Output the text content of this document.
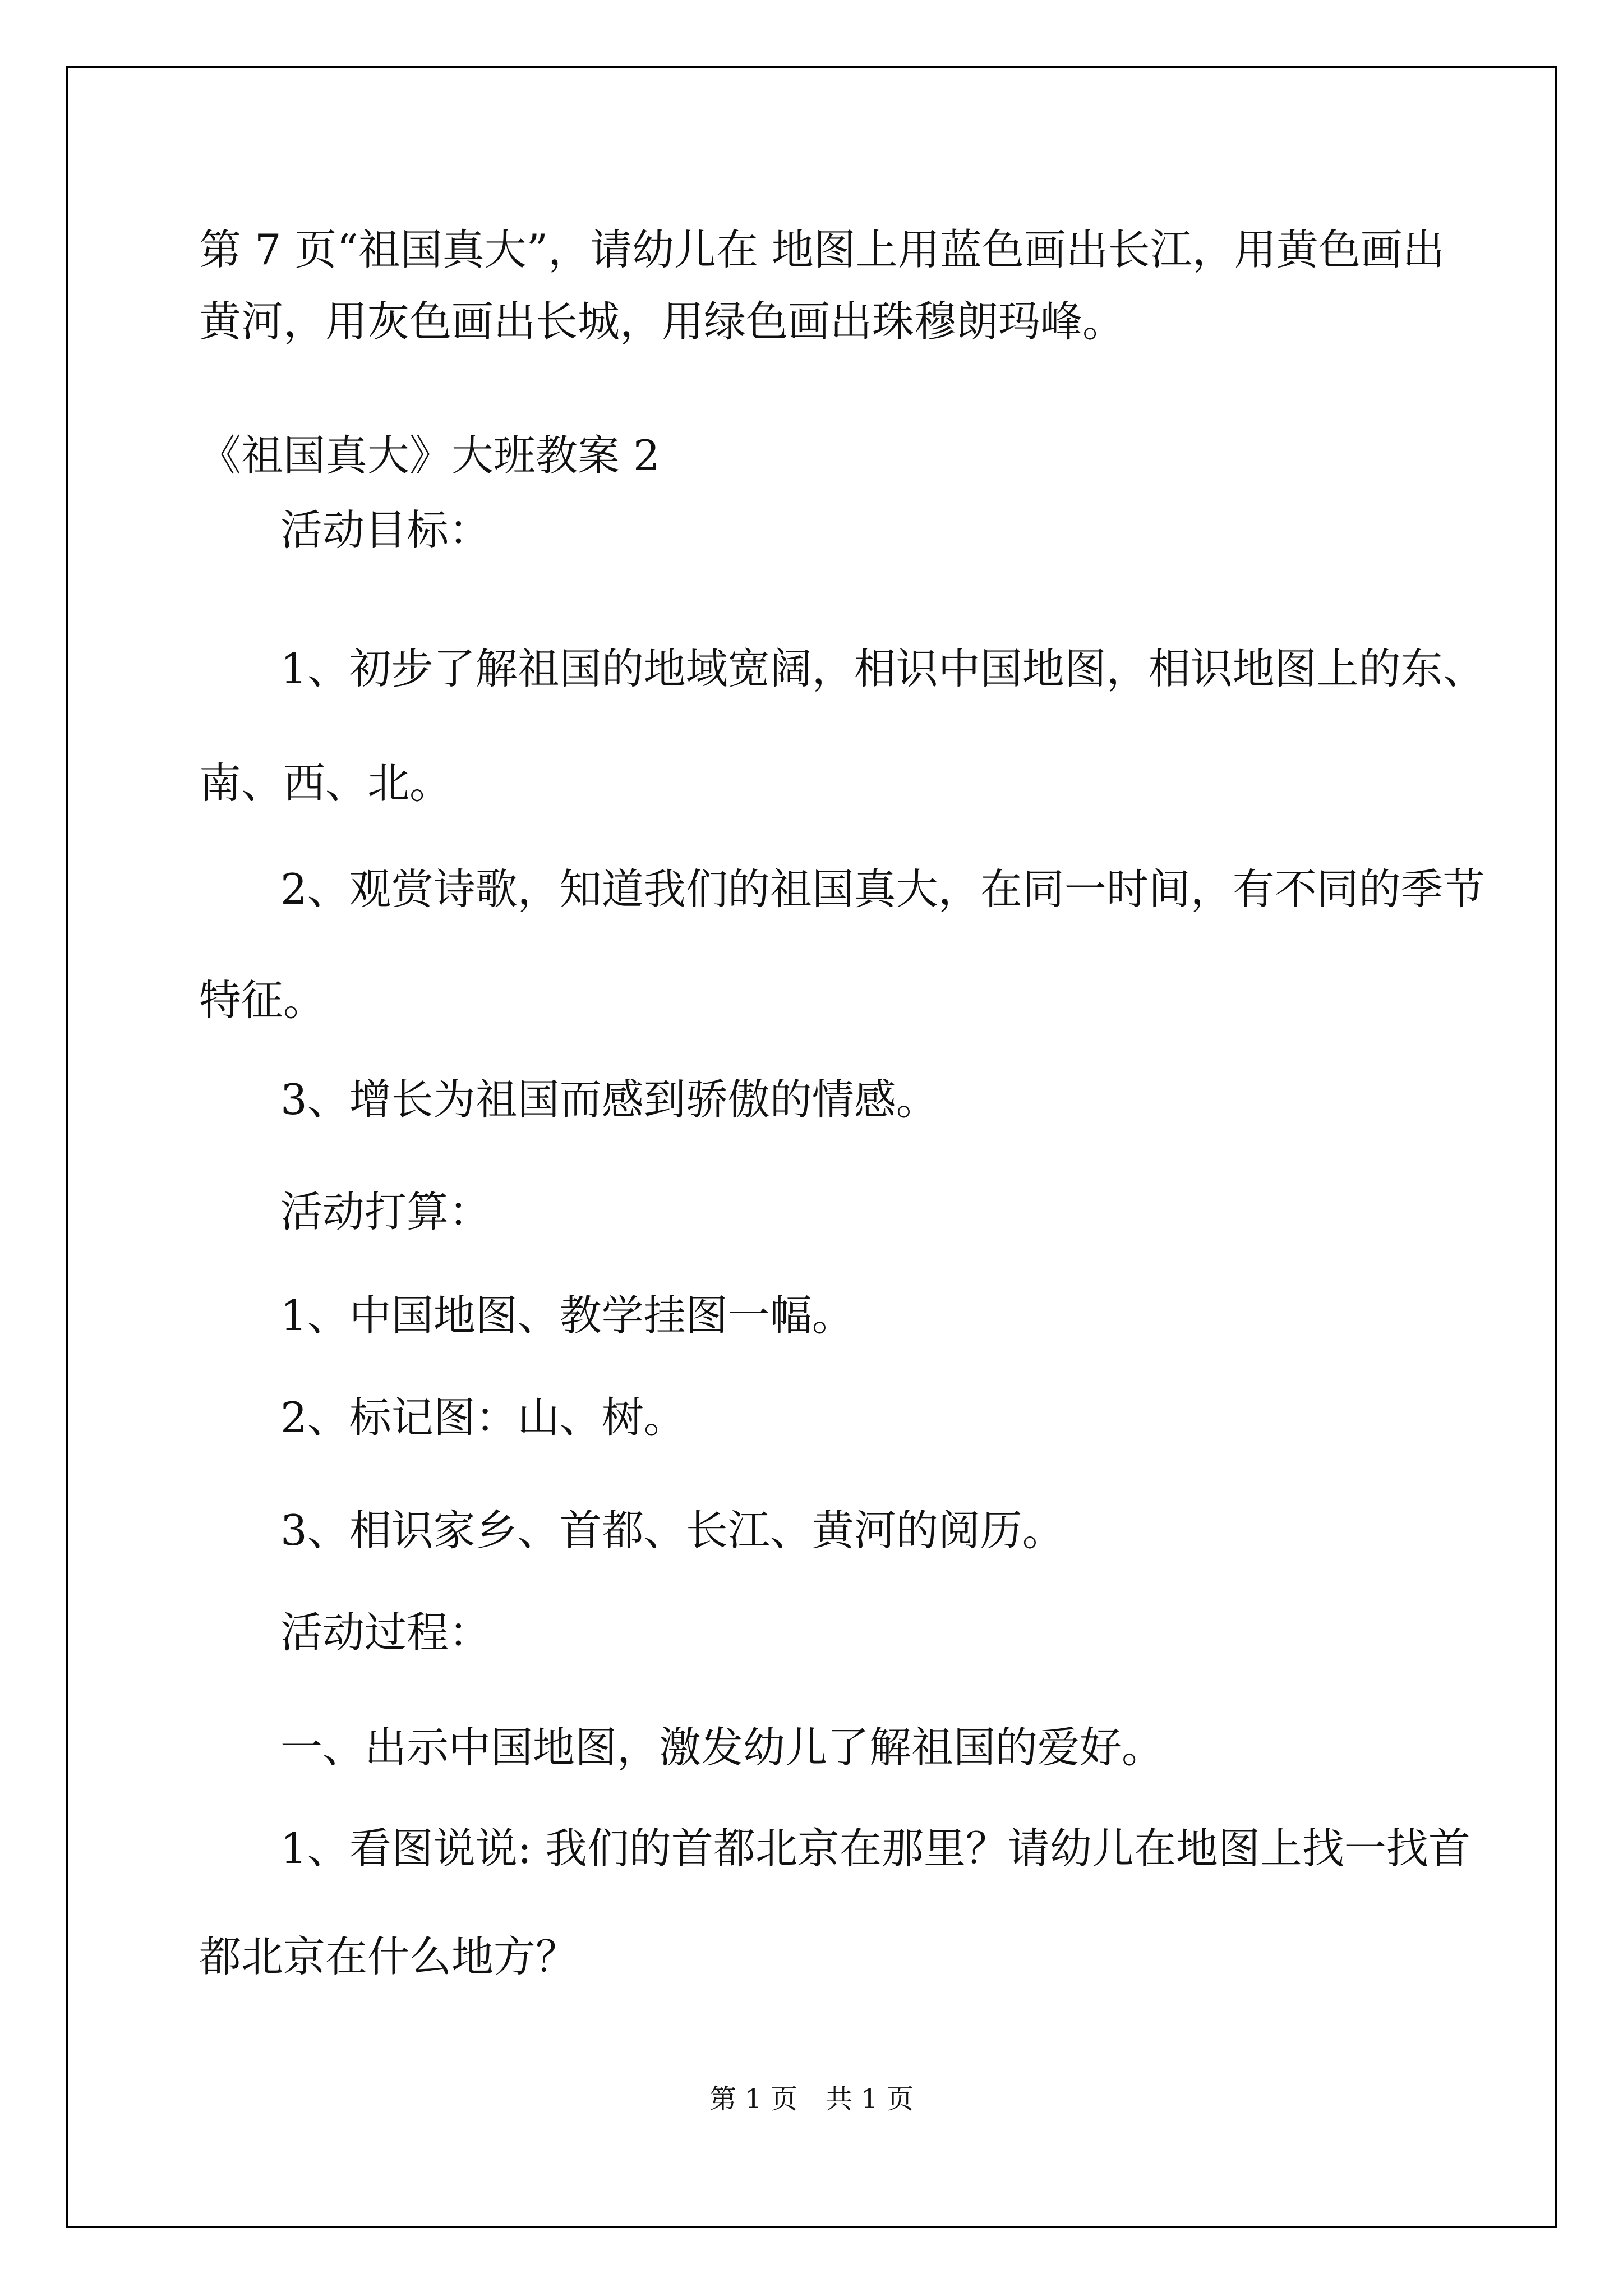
第 7 页“祖国真大”，请幼儿在 地图上用蓝色画出长江，用黄色画出
黄河，用灰色画出长城，用绿色画出珠穆朗玛峰。
《祖国真大》大班教案 2
活动目标：
1、初步了解祖国的地域宽阔，相识中国地图，相识地图上的东、
南、西、北。
2、观赏诗歌，知道我们的祖国真大，在同一时间，有不同的季节
特征。
3、增长为祖国而感到骄傲的情感。
活动打算：
1、中国地图、教学挂图一幅。
2、标记图：山、树。
3、相识家乡、首都、长江、黄河的阅历。
活动过程：
一、出示中国地图，激发幼儿了解祖国的爱好。
1、看图说说: 我们的首都北京在那里？请幼儿在地图上找一找首
都北京在什么地方？
第 1 页 共 1 页
